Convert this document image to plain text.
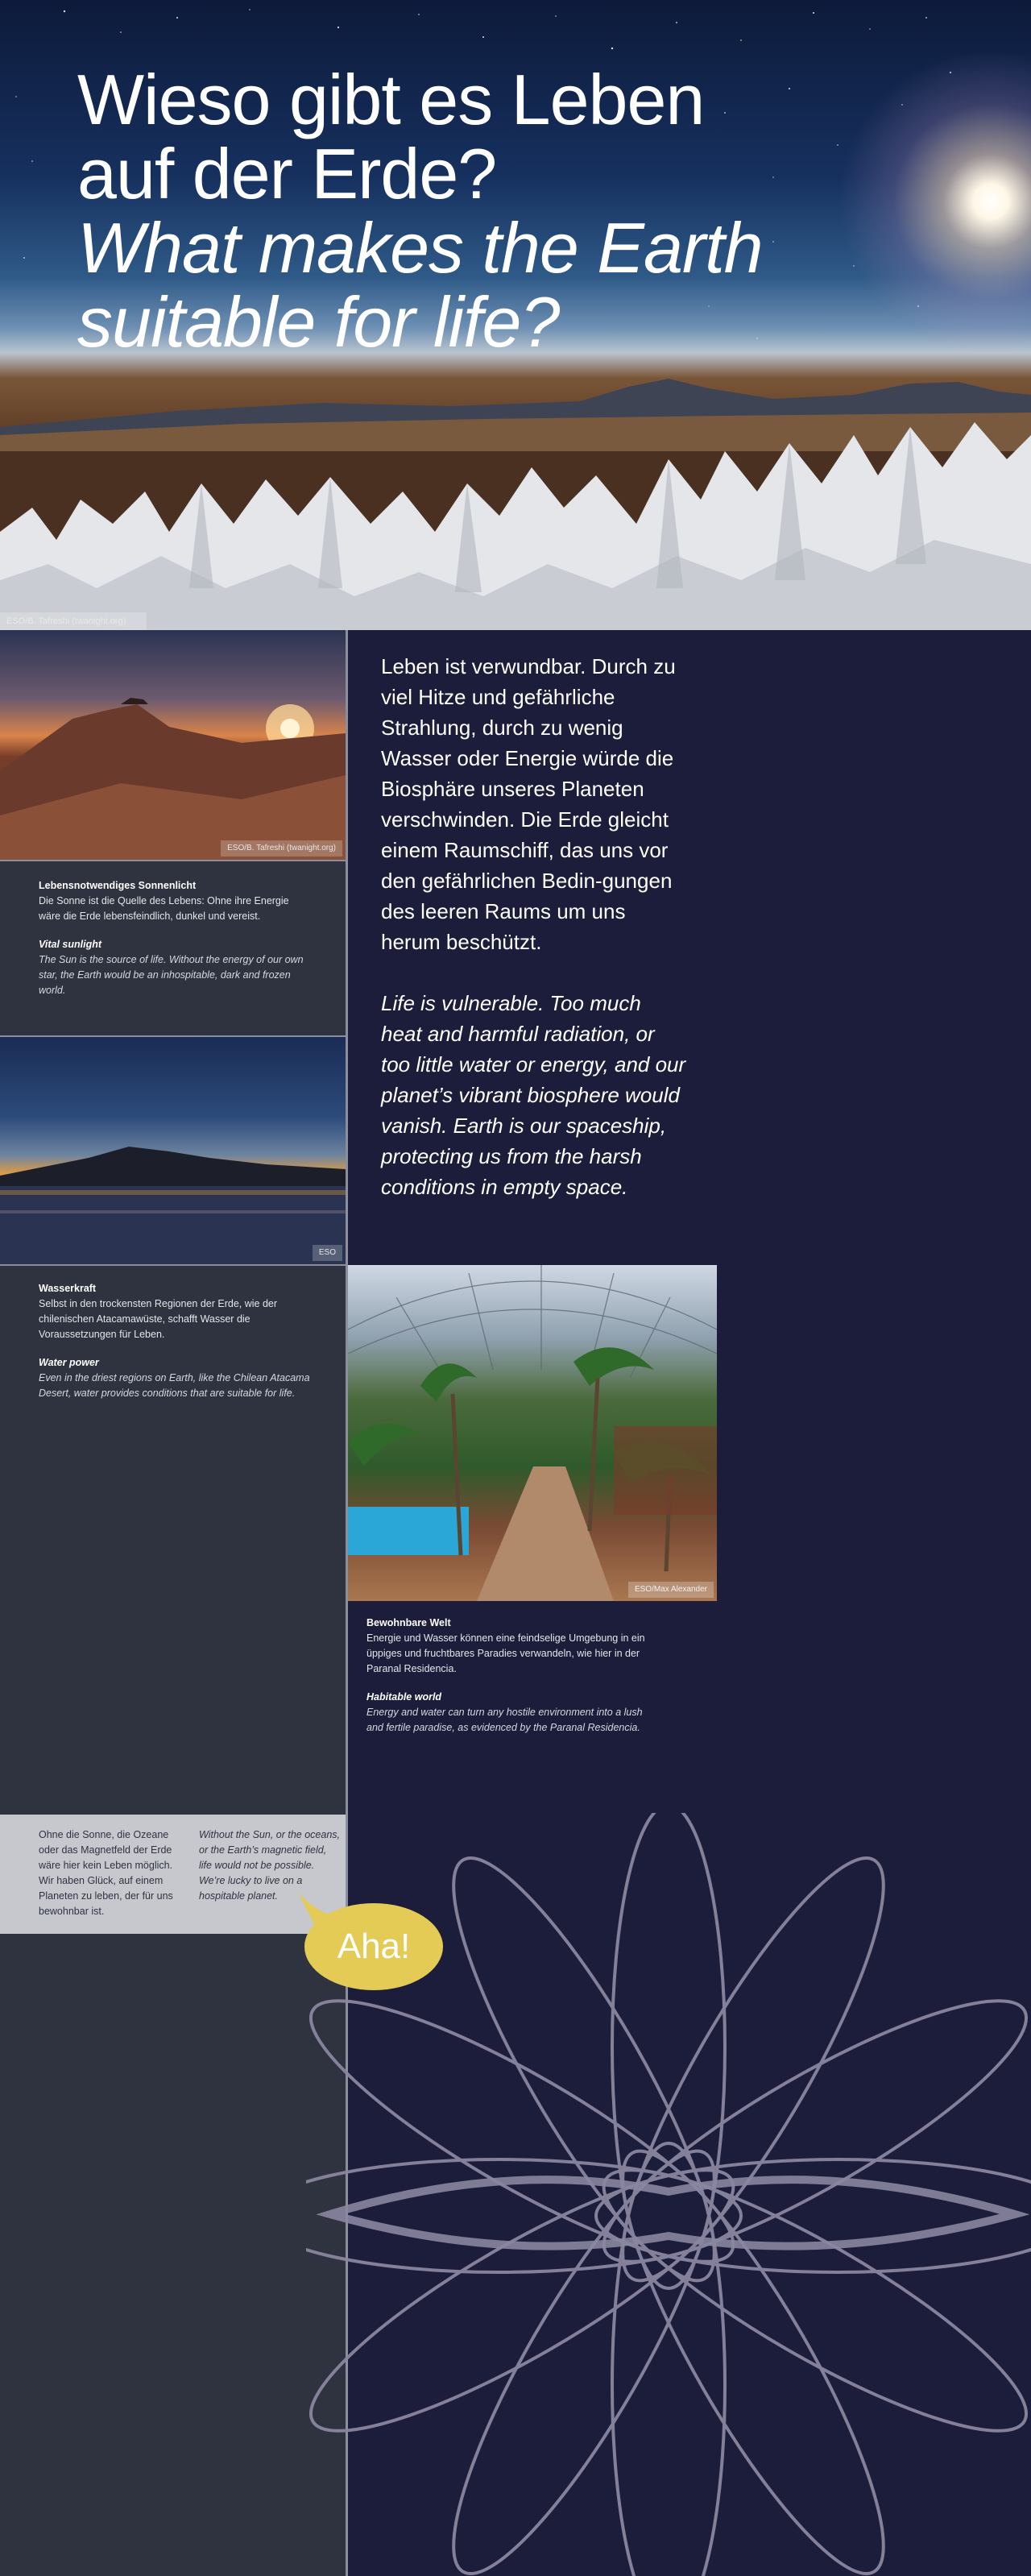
Wieso gibt es Leben
auf der Erde?
What makes the Earth
suitable for life?
ESO/B. Tafreshi (twanight.org)
ESO/B. Tafreshi (twanight.org)
Lebensnotwendiges Sonnenlicht
Die Sonne ist die Quelle des Lebens: Ohne ihre Energie wäre die Erde lebensfeindlich, dunkel und vereist.
Vital sunlight
The Sun is the source of life. Without the energy of our own star, the Earth would be an inhospitable, dark and frozen world.
ESO
Wasserkraft
Selbst in den trockensten Regionen der Erde, wie der chilenischen Atacamawüste, schafft Wasser die Voraussetzungen für Leben.
Water power
Even in the driest regions on Earth, like the Chilean Atacama Desert, water provides conditions that are suitable for life.

Leben ist verwundbar. Durch zu viel Hitze und gefährliche Strahlung, durch zu wenig Wasser oder Energie würde die Biosphäre unseres Planeten verschwinden. Die Erde gleicht einem Raumschiff, das uns vor den gefährlichen Bedin-gungen des leeren Raums um uns herum beschützt.

Life is vulnerable. Too much heat and harmful radiation, or too little water or energy, and our planet’s vibrant biosphere would vanish. Earth is our spaceship, protecting us from the harsh conditions in empty space.

ESO/Max Alexander
Bewohnbare Welt
Energie und Wasser können eine feindselige Umgebung in ein üppiges und fruchtbares Paradies verwandeln, wie hier in der Paranal Residencia.
Habitable world
Energy and water can turn any hostile environment into a lush and fertile paradise, as evidenced by the Paranal Residencia.
Ohne die Sonne, die Ozeane oder das Magnetfeld der Erde wäre hier kein Leben möglich. Wir haben Glück, auf einem Planeten zu leben, der für uns bewohnbar ist.
Without the Sun, or the oceans, or the Earth’s magnetic field, life would not be possible. We’re lucky to live on a hospitable planet.
Aha!
